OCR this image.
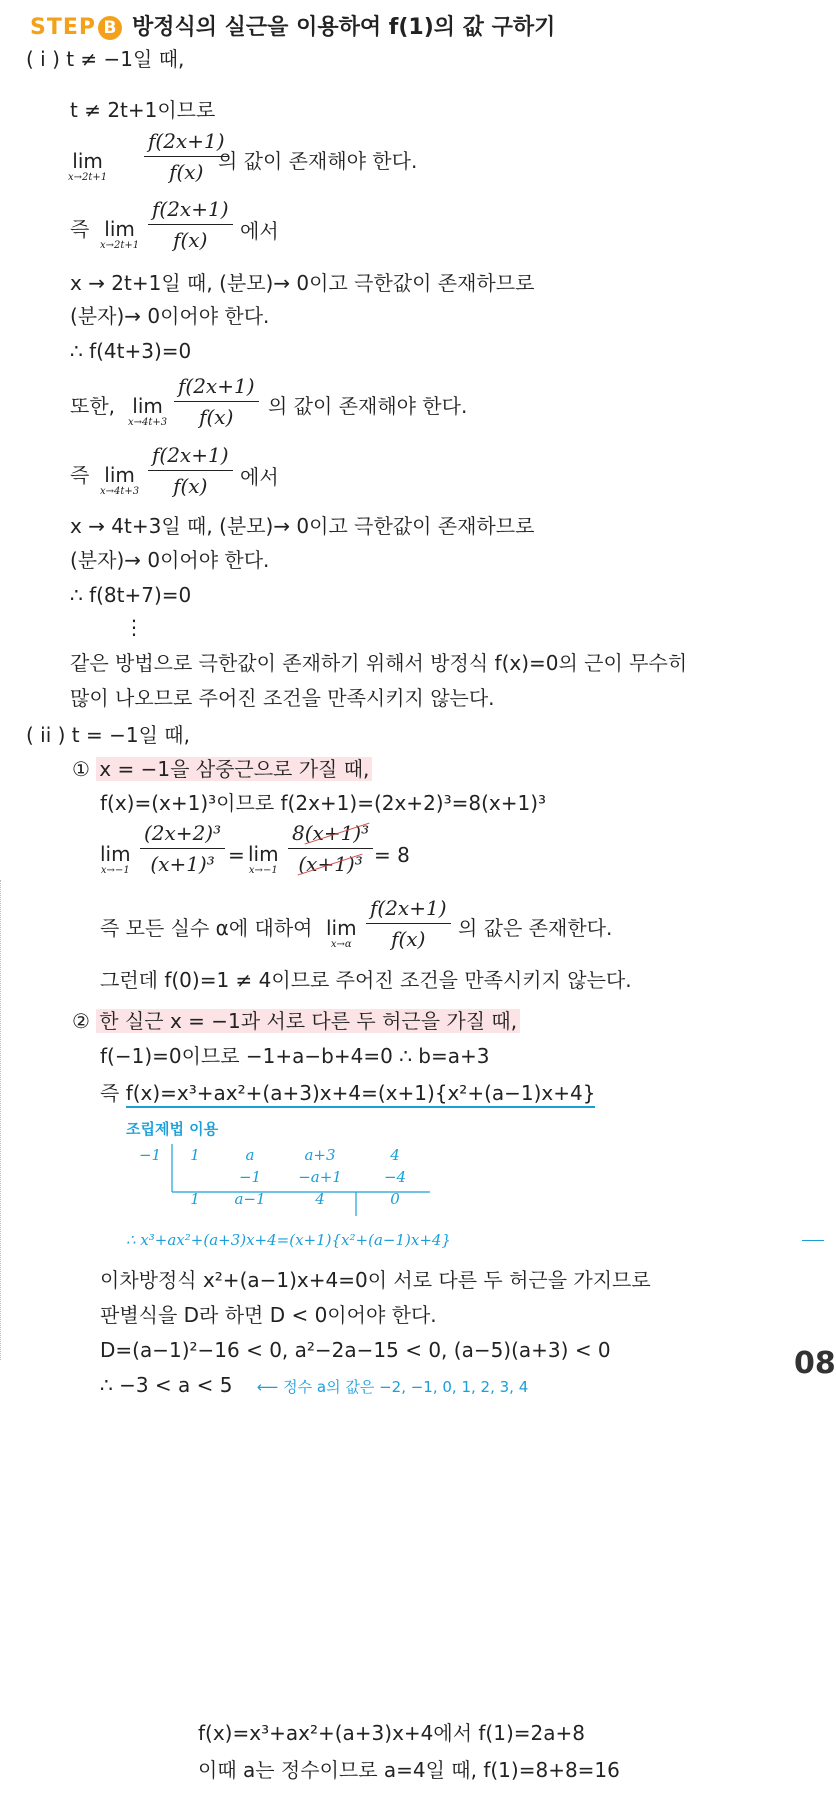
STEP B 방정식의 실근을 이용하여 f(1)의 값 구하기
( i ) t ≠ −1일 때,
t ≠ 2t+1이므로
lim
$x\to 2t+1 \frac{f(2x+1)}{f(x)}$
의 값이 존재해야 한다.
즉 lim
$x\to 2t+1 \frac{f(2x+1)}{f(x)}$ 에서
x → 2t+1일 때, (분모)→ 0이고 극한값이 존재하므로
(분자)→ 0이어야 한다.
∴ f(4t+3)=0
또한, lim
$x\to 4t+3 \frac{f(2x+1)}{f(x)}$ 의 값이 존재해야 한다.
즉 lim
$x\to 4t+3 \frac{f(2x+1)}{f(x)}$ 에서
x → 4t+3일 때, (분모)→ 0이고 극한값이 존재하므로
(분자)→ 0이어야 한다.
∴ f(8t+7)=0
⋮
같은 방법으로 극한값이 존재하기 위해서 방정식 f(x)=0의 근이 무수히
많이 나오므로 주어진 조건을 만족시키지 않는다.
( ii ) t = −1일 때,
① x = −1을 삼중근으로 가질 때,
f(x)=(x+1)³이므로 f(2x+1)=(2x+2)³=8(x+1)³
lim
$x\to-1 \frac{\text{(2x+2)³}}{\text{(x+1)³}} = \lim$
$x\to-1 \frac{\text{8(x+1)³}}{\text{(x+1)³}} = 8$
즉 모든 실수 α에 대하여 lim
$x\to\alpha \frac{f(2x+1)}{f(x)}$ 의 값은 존재한다.
그런데 f(0)=1 ≠ 4이므로 주어진 조건을 만족시키지 않는다.
② 한 실근 x = −1과 서로 다른 두 허근을 가질 때,
f(−1)=0이므로 −1+a−b+4=0 ∴ b=a+3
즉 f(x)=x³+ax²+(a+3)x+4=(x+1){x²+(a−1)x+4}
조립제법 이용
−1	1	a	a+3	4
		−1	−a+1	−4
	1	a−1	4	0
∴ x³+ax²+(a+3)x+4=(x+1){x²+(a−1)x+4}
이차방정식 x²+(a−1)x+4=0이 서로 다른 두 허근을 가지므로
판별식을 D라 하면 D < 0이어야 한다.
D=(a−1)²−16 < 0, a²−2a−15 < 0, (a−5)(a+3) < 0
∴ −3 < a < 5 ⟵ 정수 a의 값은 −2, −1, 0, 1, 2, 3, 4
f(x)=x³+ax²+(a+3)x+4에서 f(1)=2a+8
이때 a는 정수이므로 a=4일 때, f(1)=8+8=16
08
